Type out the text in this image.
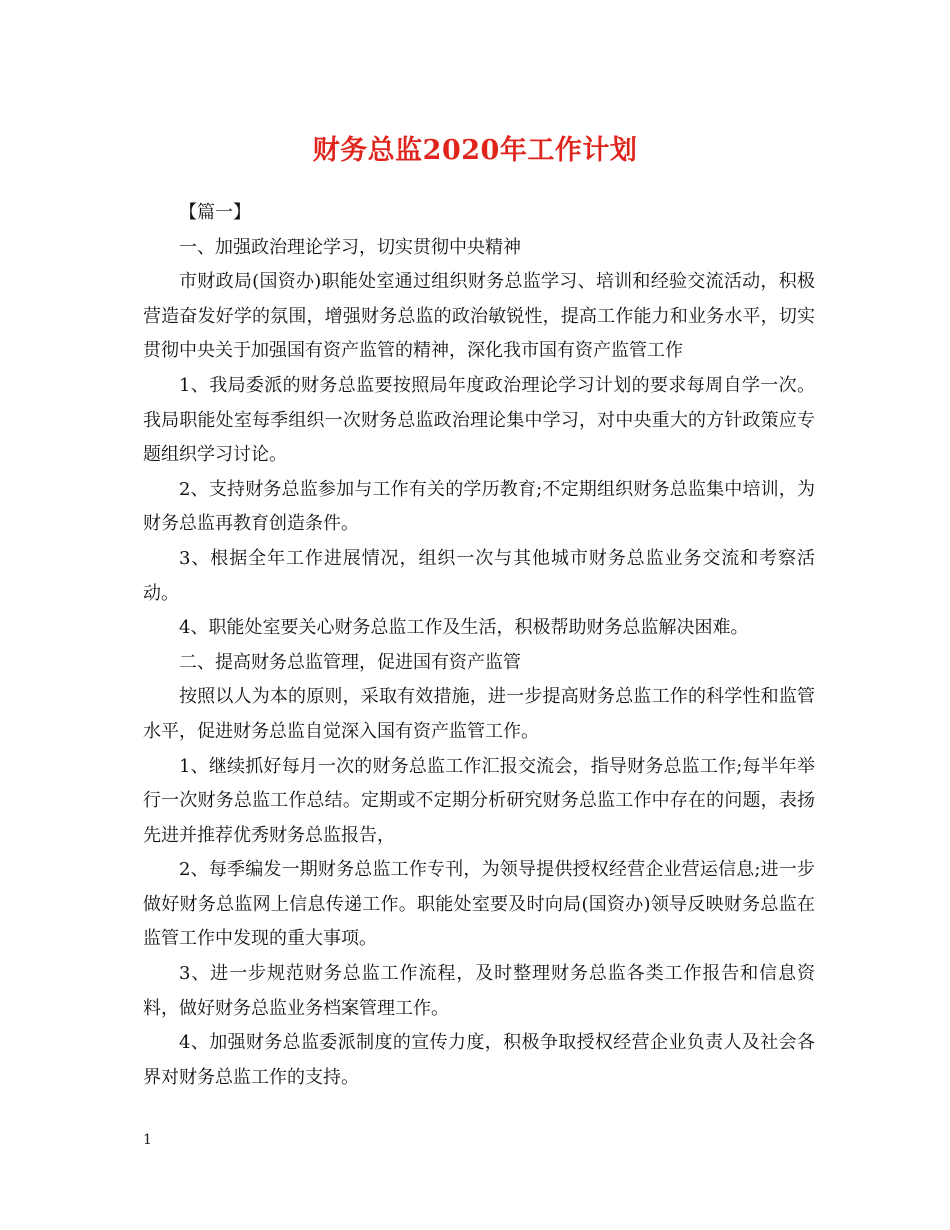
财务总监2020年工作计划

【篇一】

一、加强政治理论学习，切实贯彻中央精神

市财政局(国资办)职能处室通过组织财务总监学习、培训和经验交流活动，积极营造奋发好学的氛围，增强财务总监的政治敏锐性，提高工作能力和业务水平，切实贯彻中央关于加强国有资产监管的精神，深化我市国有资产监管工作

1、我局委派的财务总监要按照局年度政治理论学习计划的要求每周自学一次。我局职能处室每季组织一次财务总监政治理论集中学习，对中央重大的方针政策应专题组织学习讨论。

2、支持财务总监参加与工作有关的学历教育;不定期组织财务总监集中培训，为财务总监再教育创造条件。

3、根据全年工作进展情况，组织一次与其他城市财务总监业务交流和考察活动。

4、职能处室要关心财务总监工作及生活，积极帮助财务总监解决困难。

二、提高财务总监管理，促进国有资产监管

按照以人为本的原则，采取有效措施，进一步提高财务总监工作的科学性和监管水平，促进财务总监自觉深入国有资产监管工作。

1、继续抓好每月一次的财务总监工作汇报交流会，指导财务总监工作;每半年举行一次财务总监工作总结。定期或不定期分析研究财务总监工作中存在的问题，表扬先进并推荐优秀财务总监报告，

2、每季编发一期财务总监工作专刊，为领导提供授权经营企业营运信息;进一步做好财务总监网上信息传递工作。职能处室要及时向局(国资办)领导反映财务总监在监管工作中发现的重大事项。

3、进一步规范财务总监工作流程，及时整理财务总监各类工作报告和信息资料，做好财务总监业务档案管理工作。

4、加强财务总监委派制度的宣传力度，积极争取授权经营企业负责人及社会各界对财务总监工作的支持。

1
